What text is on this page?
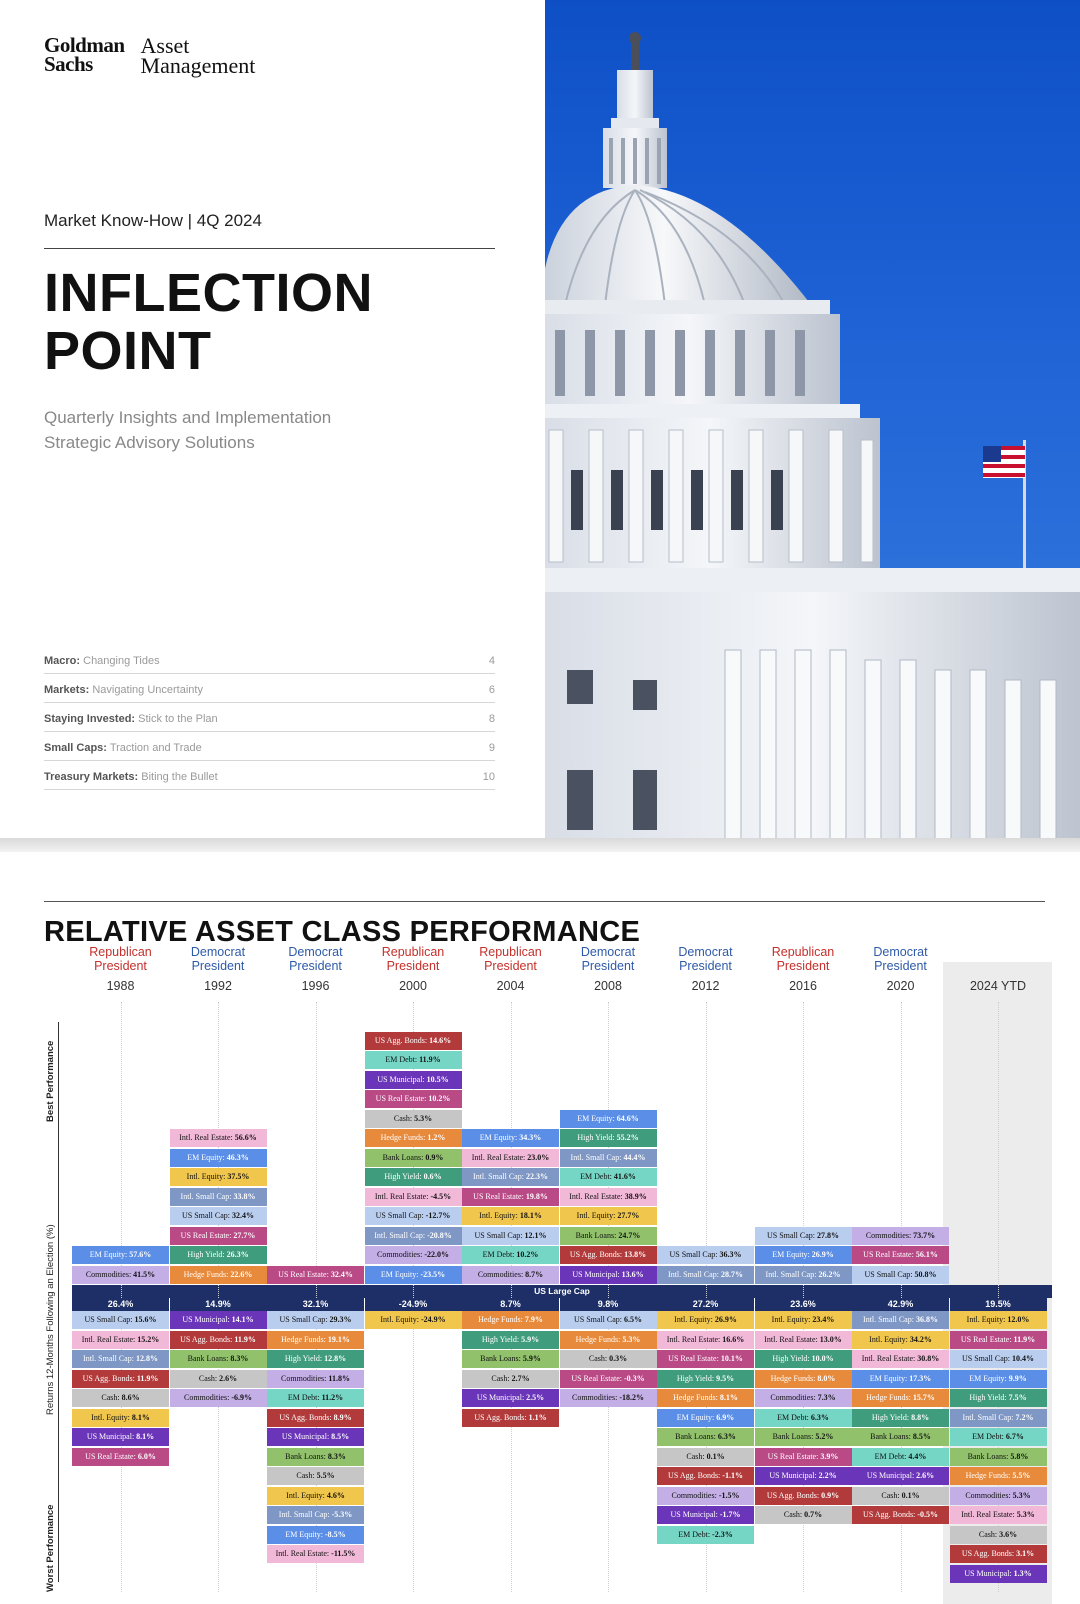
Goldman
Sachs
Asset
Management
Market Know-How | 4Q 2024
INFLECTION
POINT
Quarterly Insights and Implementation
Strategic Advisory Solutions
Macro: Changing Tides	4
Markets: Navigating Uncertainty	6
Staying Invested: Stick to the Plan	8
Small Caps: Traction and Trade	9
Treasury Markets: Biting the Bullet	10
RELATIVE ASSET CLASS PERFORMANCE
Best Performance
Returns 12-Months Following an Election (%)
Worst Performance
US Large Cap
Republican
President
1988
EM Equity: 57.6%
Commodities: 41.5%
26.4%
US Small Cap: 15.6%
Intl. Real Estate: 15.2%
Intl. Small Cap: 12.8%
US Agg. Bonds: 11.9%
Cash: 8.6%
Intl. Equity: 8.1%
US Municipal: 8.1%
US Real Estate: 6.0%
Democrat
President
1992
Intl. Real Estate: 56.6%
EM Equity: 46.3%
Intl. Equity: 37.5%
Intl. Small Cap: 33.8%
US Small Cap: 32.4%
US Real Estate: 27.7%
High Yield: 26.3%
Hedge Funds: 22.6%
14.9%
US Municipal: 14.1%
US Agg. Bonds: 11.9%
Bank Loans: 8.3%
Cash: 2.6%
Commodities: -6.9%
Democrat
President
1996
US Real Estate: 32.4%
32.1%
US Small Cap: 29.3%
Hedge Funds: 19.1%
High Yield: 12.8%
Commodities: 11.8%
EM Debt: 11.2%
US Agg. Bonds: 8.9%
US Municipal: 8.5%
Bank Loans: 8.3%
Cash: 5.5%
Intl. Equity: 4.6%
Intl. Small Cap: -5.3%
EM Equity: -8.5%
Intl. Real Estate: -11.5%
Republican
President
2000
US Agg. Bonds: 14.6%
EM Debt: 11.9%
US Municipal: 10.5%
US Real Estate: 10.2%
Cash: 5.3%
Hedge Funds: 1.2%
Bank Loans: 0.9%
High Yield: 0.6%
Intl. Real Estate: -4.5%
US Small Cap: -12.7%
Intl. Small Cap: -20.8%
Commodities: -22.0%
EM Equity: -23.5%
-24.9%
Intl. Equity: -24.9%
Republican
President
2004
EM Equity: 34.3%
Intl. Real Estate: 23.0%
Intl. Small Cap: 22.3%
US Real Estate: 19.8%
Intl. Equity: 18.1%
US Small Cap: 12.1%
EM Debt: 10.2%
Commodities: 8.7%
8.7%
Hedge Funds: 7.9%
High Yield: 5.9%
Bank Loans: 5.9%
Cash: 2.7%
US Municipal: 2.5%
US Agg. Bonds: 1.1%
Democrat
President
2008
EM Equity: 64.6%
High Yield: 55.2%
Intl. Small Cap: 44.4%
EM Debt: 41.6%
Intl. Real Estate: 38.9%
Intl. Equity: 27.7%
Bank Loans: 24.7%
US Agg. Bonds: 13.8%
US Municipal: 13.6%
9.8%
US Small Cap: 6.5%
Hedge Funds: 5.3%
Cash: 0.3%
US Real Estate: -0.3%
Commodities: -18.2%
Democrat
President
2012
US Small Cap: 36.3%
Intl. Small Cap: 28.7%
27.2%
Intl. Equity: 26.9%
Intl. Real Estate: 16.6%
US Real Estate: 10.1%
High Yield: 9.5%
Hedge Funds: 8.1%
EM Equity: 6.9%
Bank Loans: 6.3%
Cash: 0.1%
US Agg. Bonds: -1.1%
Commodities: -1.5%
US Municipal: -1.7%
EM Debt: -2.3%
Republican
President
2016
US Small Cap: 27.8%
EM Equity: 26.9%
Intl. Small Cap: 26.2%
23.6%
Intl. Equity: 23.4%
Intl. Real Estate: 13.0%
High Yield: 10.0%
Hedge Funds: 8.0%
Commodities: 7.3%
EM Debt: 6.3%
Bank Loans: 5.2%
US Real Estate: 3.9%
US Municipal: 2.2%
US Agg. Bonds: 0.9%
Cash: 0.7%
Democrat
President
2020
Commodities: 73.7%
US Real Estate: 56.1%
US Small Cap: 50.8%
42.9%
Intl. Small Cap: 36.8%
Intl. Equity: 34.2%
Intl. Real Estate: 30.8%
EM Equity: 17.3%
Hedge Funds: 15.7%
High Yield: 8.8%
Bank Loans: 8.5%
EM Debt: 4.4%
US Municipal: 2.6%
Cash: 0.1%
US Agg. Bonds: -0.5%
2024 YTD
19.5%
Intl. Equity: 12.0%
US Real Estate: 11.9%
US Small Cap: 10.4%
EM Equity: 9.9%
High Yield: 7.5%
Intl. Small Cap: 7.2%
EM Debt: 6.7%
Bank Loans: 5.8%
Hedge Funds: 5.5%
Commodities: 5.3%
Intl. Real Estate: 5.3%
Cash: 3.6%
US Agg. Bonds: 3.1%
US Municipal: 1.3%
